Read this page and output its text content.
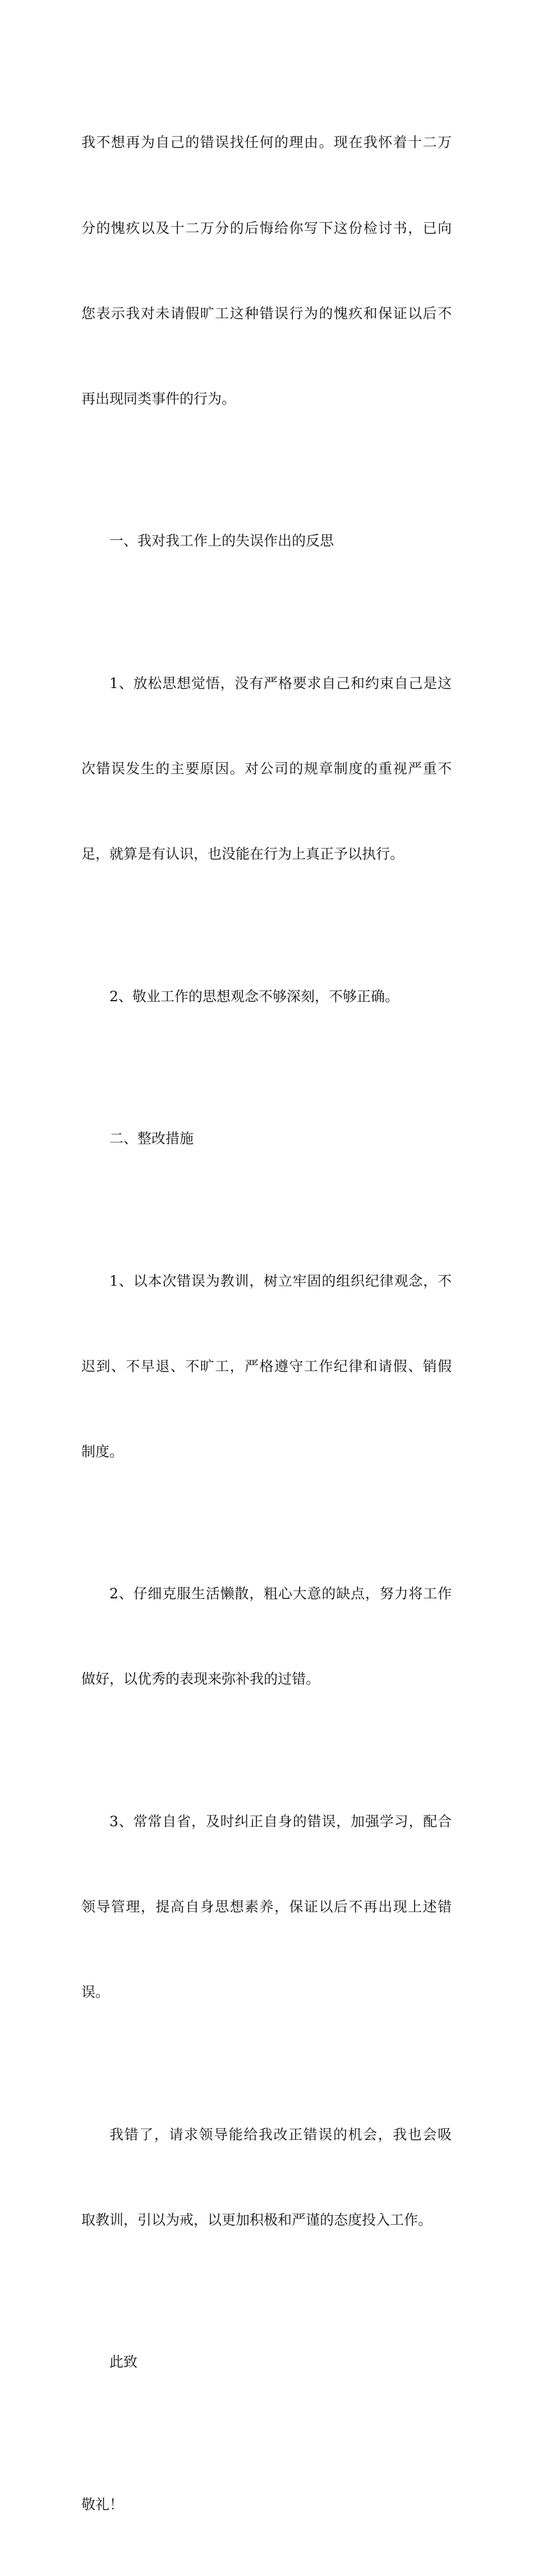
我不想再为自己的错误找任何的理由。现在我怀着十二万

分的愧疚以及十二万分的后悔给你写下这份检讨书，已向

您表示我对未请假旷工这种错误行为的愧疚和保证以后不

再出现同类事件的行为。

一、我对我工作上的失误作出的反思

1、放松思想觉悟，没有严格要求自己和约束自己是这

次错误发生的主要原因。对公司的规章制度的重视严重不

足，就算是有认识，也没能在行为上真正予以执行。

2、敬业工作的思想观念不够深刻，不够正确。

二、整改措施

1、以本次错误为教训，树立牢固的组织纪律观念，不

迟到、不早退、不旷工，严格遵守工作纪律和请假、销假

制度。

2、仔细克服生活懒散，粗心大意的缺点，努力将工作

做好，以优秀的表现来弥补我的过错。

3、常常自省，及时纠正自身的错误，加强学习，配合

领导管理，提高自身思想素养，保证以后不再出现上述错

误。

我错了，请求领导能给我改正错误的机会，我也会吸

取教训，引以为戒，以更加积极和严谨的态度投入工作。

此致

敬礼！
